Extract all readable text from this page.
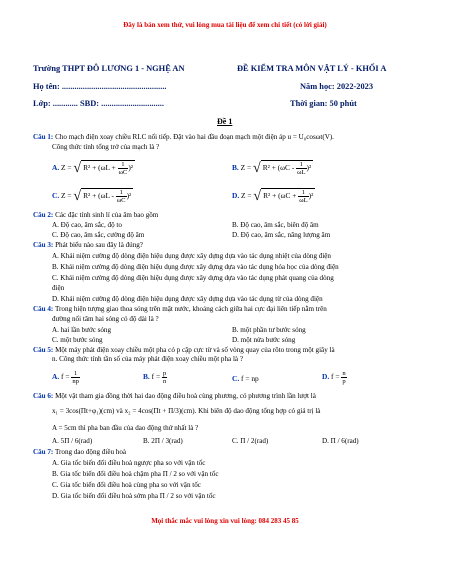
Đây là bản xem thử, vui lòng mua tài liệu để xem chi tiết (có lời giải)
Trường THPT ĐÔ LƯƠNG 1 - NGHỆ AN	ĐỀ KIỂM TRA MÔN VẬT LÝ - KHỐI A
Họ tên: ..................................................	Năm học: 2022-2023
Lớp: ............ SBD: ..............................	Thời gian: 50 phút
Đề 1
Câu 1: Cho mạch điện xoay chiều RLC nối tiếp. Đặt vào hai đầu đoạn mạch một điện áp u = U₀cosωt(V).
Công thức tính tổng trở của mạch là ?
A. Z = √ $R^2 + (\omega L + \frac{1}{\omega C} )^2$	B. Z = √ $R^2 + (\omega C - \frac{1}{\omega L} )^2$
C. Z = √ $R^2 + (\omega L - \frac{1}{\omega C} )^2$	D. Z = √ $R^2 + (\omega C + \frac{1}{\omega L} )^2$
Câu 2: Các đặc tính sinh lí của âm bao gồm
A. Độ cao, âm sắc, độ to	B. Độ cao, âm sắc, biên độ âm
C. Độ cao, âm sắc, cường độ âm	D. Độ cao, âm sắc, năng lượng âm
Câu 3: Phát biểu nào sau đây là đúng?
A. Khái niệm cường độ dòng điện hiệu dụng được xây dựng dựa vào tác dụng nhiệt của dòng điện
B. Khái niệm cường độ dòng điện hiệu dụng được xây dựng dựa vào tác dụng hóa học của dòng điện
C. Khái niệm cường độ dòng điện hiệu dụng được xây dựng dựa vào tác dụng phát quang của dòng
điện
D. Khái niệm cường độ dòng điện hiệu dụng được xây dựng dựa vào tác dụng từ của dòng điện
Câu 4: Trong hiện tượng giao thoa sóng trên mặt nước, khoảng cách giữa hai cực đại liên tiếp nằm trên
đường nối tâm hai sóng có độ dài là ?
A. hai lần bước sóng	B. một phần tư bước sóng
C. một bước sóng	D. một nửa bước sóng
Câu 5: Một máy phát điện xoay chiều một pha có p cặp cực từ và số vòng quay của rôto trong một giây là
n. Công thức tính tần số của máy phát điện xoay chiều một pha là ?
A. $f = \frac{1}{np}$	B. $f = \frac{p}{n}$	C. f = np	D. $f = \frac{n}{p}$
Câu 6: Một vật tham gia đồng thời hai dao động điều hoà cùng phương, có phương trình lần lượt là
x₁ = 3cos(Πt+φ₁)(cm) và x₂ = 4cos(Πt + Π/3)(cm). Khi biên độ dao động tổng hợp có giá trị là
A = 5cm thì pha ban đầu của dao động thứ nhất là ?
A. 5Π / 6(rad)	B. 2Π / 3(rad)	C. Π / 2(rad)	D. Π / 6(rad)
Câu 7: Trong dao động điều hoà
A. Gia tốc biến đổi điều hoà ngược pha so với vận tốc
B. Gia tốc biến đổi điều hoà chậm pha Π / 2 so với vận tốc
C. Gia tốc biến đổi điều hoà cùng pha so với vận tốc
D. Gia tốc biến đổi điều hoà sớm pha Π / 2 so với vận tốc
Mọi thắc mắc vui lòng xin vui lòng: 084 283 45 85
